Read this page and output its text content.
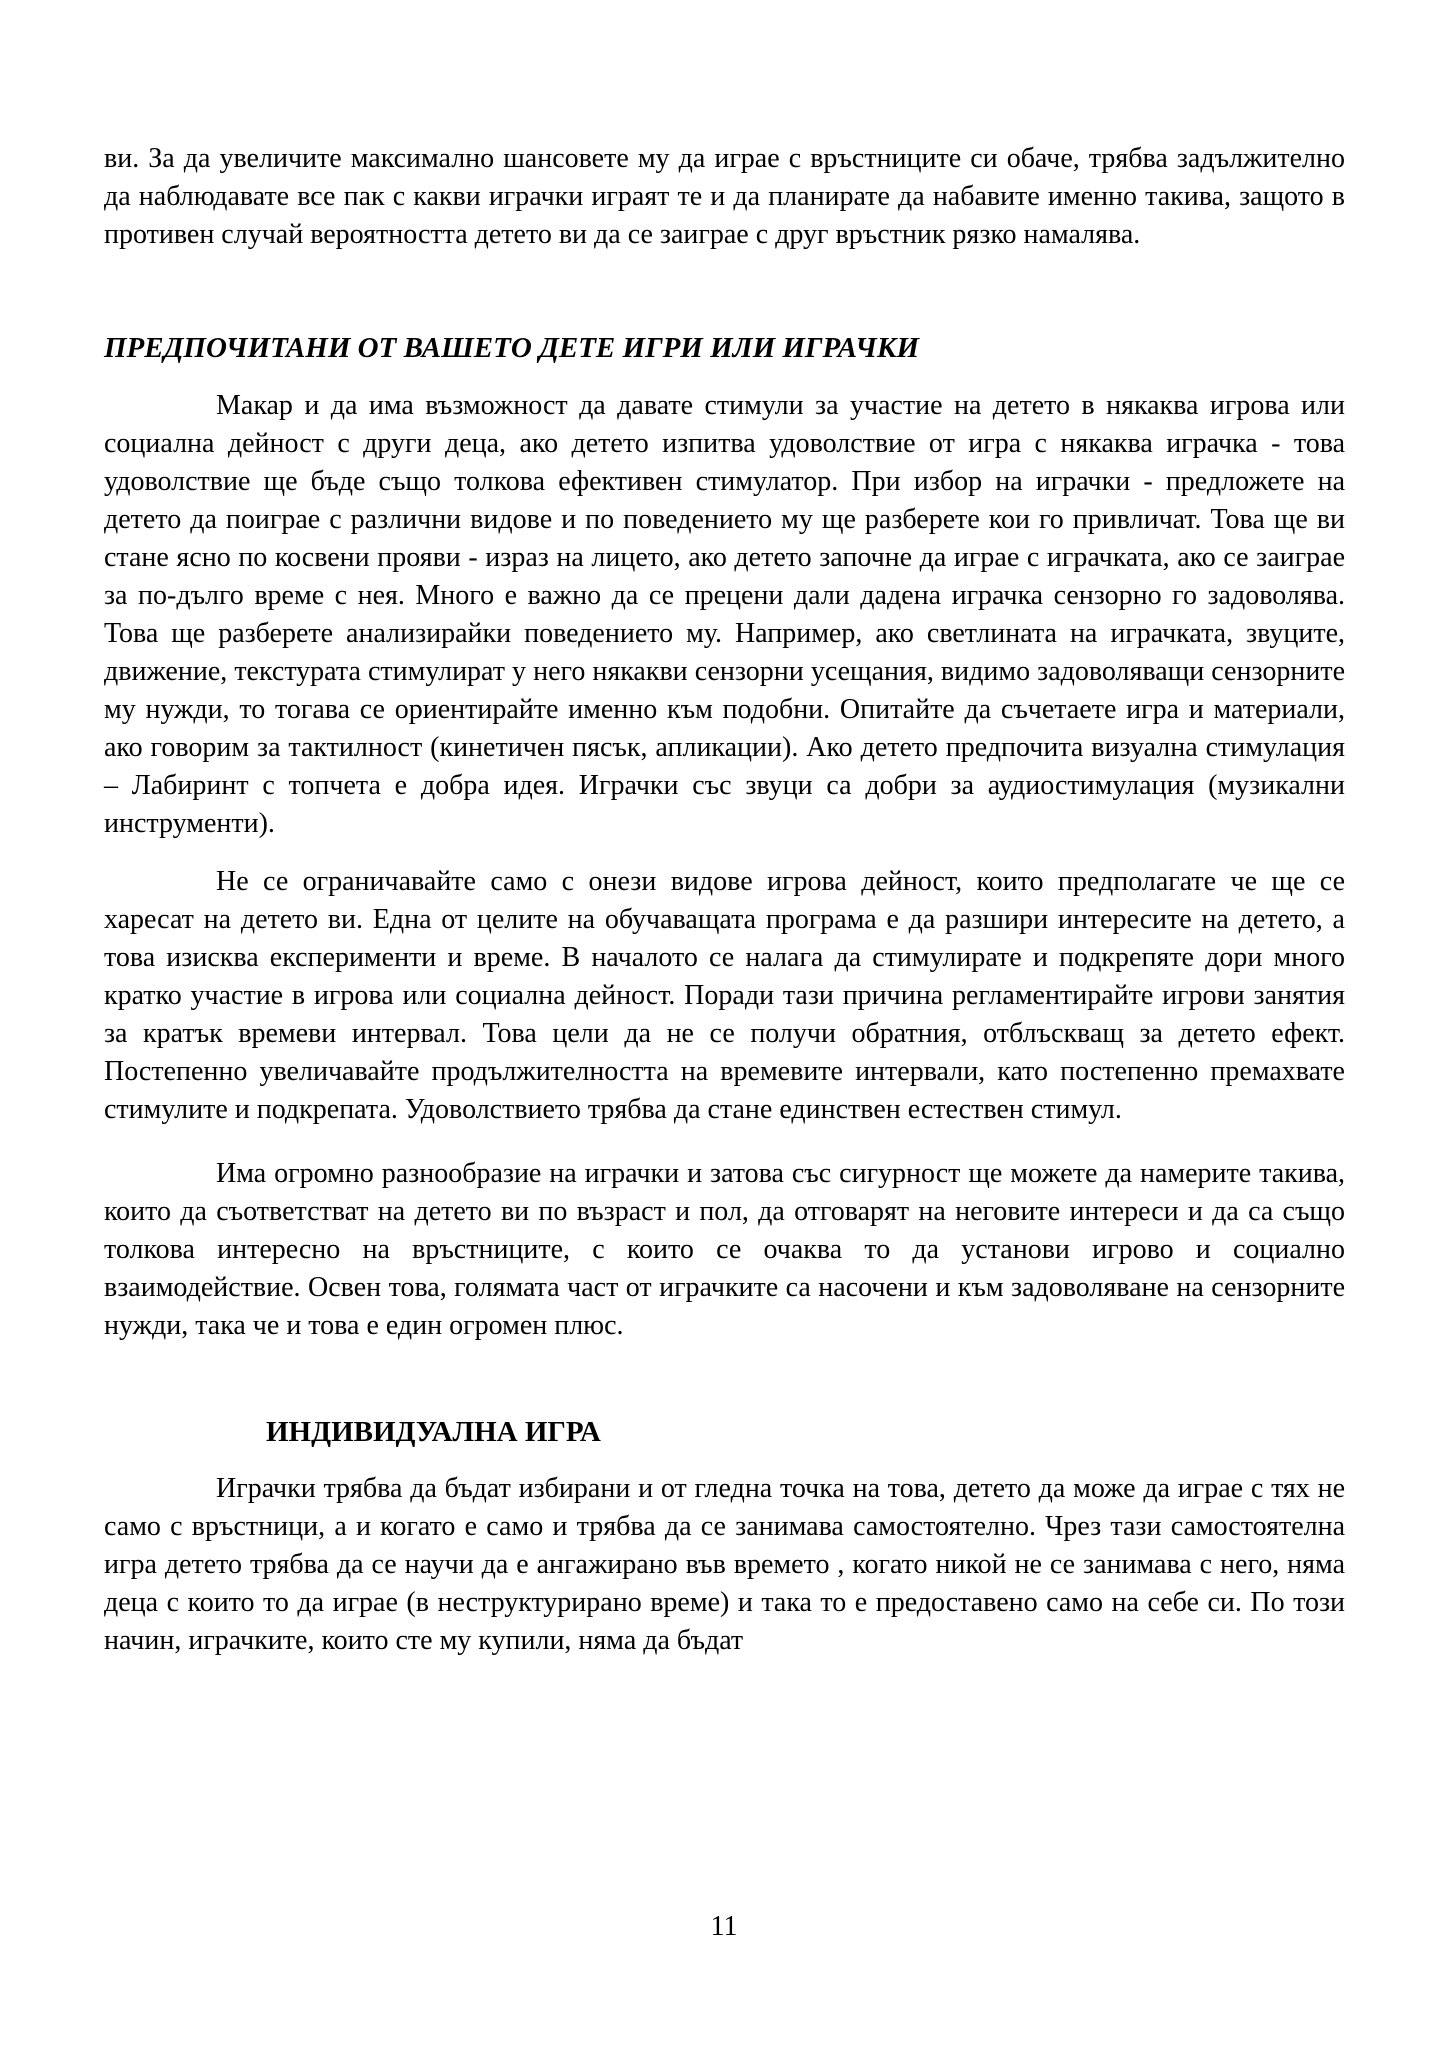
ви. За да увеличите максимално шансовете му да играе с връстниците си обаче, трябва задължително да наблюдавате все пак с какви играчки играят те и да планирате да набавите именно такива, защото в противен случай вероятността детето ви да се заиграе с друг връстник рязко намалява.

ПРЕДПОЧИТАНИ ОТ ВАШЕТО ДЕТЕ ИГРИ ИЛИ ИГРАЧКИ

Макар и да има възможност да давате стимули за участие на детето в някаква игрова или социална дейност с други деца, ако детето изпитва удоволствие от игра с някаква играчка - това удоволствие ще бъде също толкова ефективен стимулатор. При избор на играчки - предложете на детето да поиграе с различни видове и по поведението му ще разберете кои го привличат. Това ще ви стане ясно по косвени прояви - израз на лицето, ако детето започне да играе с играчката, ако се заиграе за по-дълго време с нея. Много е важно да се прецени дали дадена играчка сензорно го задоволява. Това ще разберете анализирайки поведението му. Например, ако светлината на играчката, звуците, движение, текстурата стимулират у него някакви сензорни усещания, видимо задоволяващи сензорните му нужди, то тогава се ориентирайте именно към подобни. Опитайте да съчетаете игра и материали, ако говорим за тактилност (кинетичен пясък, апликации). Ако детето предпочита визуална стимулация – Лабиринт с топчета е добра идея. Играчки със звуци са добри за аудиостимулация (музикални инструменти).

Не се ограничавайте само с онези видове игрова дейност, които предполагате че ще се харесат на детето ви. Една от целите на обучаващата програма е да разшири интересите на детето, а това изисква експерименти и време. В началото се налага да стимулирате и подкрепяте дори много кратко участие в игрова или социална дейност. Поради тази причина регламентирайте игрови занятия за кратък времеви интервал. Това цели да не се получи обратния, отблъскващ за детето ефект. Постепенно увеличавайте продължителността на времевите интервали, като постепенно премахвате стимулите и подкрепата. Удоволствието трябва да стане единствен естествен стимул.

Има огромно разнообразие на играчки и затова със сигурност ще можете да намерите такива, които да съответстват на детето ви по възраст и пол, да отговарят на неговите интереси и да са също толкова интересно на връстниците, с които се очаква то да установи игрово и социално взаимодействие. Освен това, голямата част от играчките са насочени и към задоволяване на сензорните нужди, така че и това е един огромен плюс.

ИНДИВИДУАЛНА ИГРА

Играчки трябва да бъдат избирани и от гледна точка на това, детето да може да играе с тях не само с връстници, а и когато е само и трябва да се занимава самостоятелно. Чрез тази самостоятелна игра детето трябва да се научи да е ангажирано във времето , когато никой не се занимава с него, няма деца с които то да играе (в неструктурирано време) и така то е предоставено само на себе си. По този начин, играчките, които сте му купили, няма да бъдат

11
